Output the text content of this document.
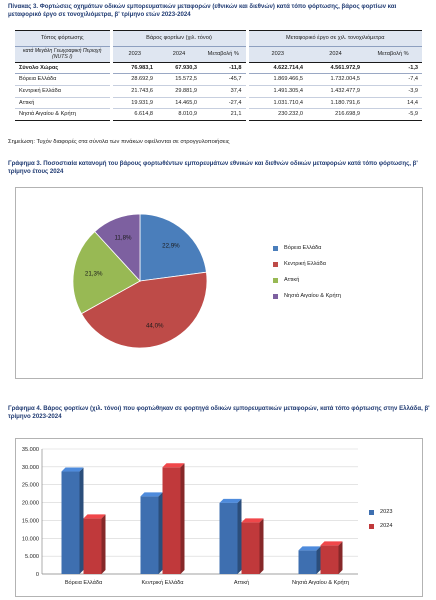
Πίνακας 3. Φορτώσεις οχημάτων οδικών εμπορευματικών μεταφορών (εθνικών και διεθνών) κατά τόπο φόρτωσης, βάρος φορτίων και μεταφορικό έργο σε τονοχιλιόμετρα, β' τρίμηνο ετών 2023-2024
Τόπος φόρτωσης	Βάρος φορτίων (χιλ. τόνοι)			Μεταφορικό έργο σε χιλ. τονοχιλιόμετρα		
κατά Μεγάλη Γεωγραφική Περιοχή (NUTS I)	2023	2024	Μεταβολή %	2023	2024	Μεταβολή %
Σύνολο Χώρας	76.983,1	67.930,3	-11,8	4.622.714,4	4.561.972,9	-1,3
Βόρεια Ελλάδα	28.692,9	15.572,5	-45,7	1.869.466,5	1.732.004,5	-7,4
Κεντρική Ελλάδα	21.743,6	29.881,9	37,4	1.491.305,4	1.432.477,9	-3,9
Αττική	19.931,9	14.465,0	-27,4	1.031.710,4	1.180.791,6	14,4
Νησιά Αιγαίου & Κρήτη	6.614,8	8.010,9	21,1	230.232,0	216.698,9	-5,9
Σημείωση: Τυχόν διαφορές στα σύνολα των πινάκων οφείλονται σε στρογγυλοποιήσεις
Γράφημα 3. Ποσοστιαία κατανομή του βάρους φορτωθέντων εμπορευμάτων εθνικών και διεθνών οδικών μεταφορών κατά τόπο φόρτωσης, β' τρίμηνο έτους 2024
22,9%
44,0%
21,3%
11,8%
Βόρεια Ελλάδα
Κεντρική Ελλάδα
Αττική
Νησιά Αιγαίου & Κρήτη
Γράφημα 4. Βάρος φορτίων (χιλ. τόνοι) που φορτώθηκαν σε φορτηγά οδικών εμπορευματικών μεταφορών, κατά τόπο φόρτωσης στην Ελλάδα, β' τρίμηνο 2023-2024
0
5.000
10.000
15.000
20.000
25.000
30.000
35.000
Βόρεια Ελλάδα	Κεντρική Ελλάδα	Αττική	Νησιά Αιγαίου & Κρήτη
2023
2024
